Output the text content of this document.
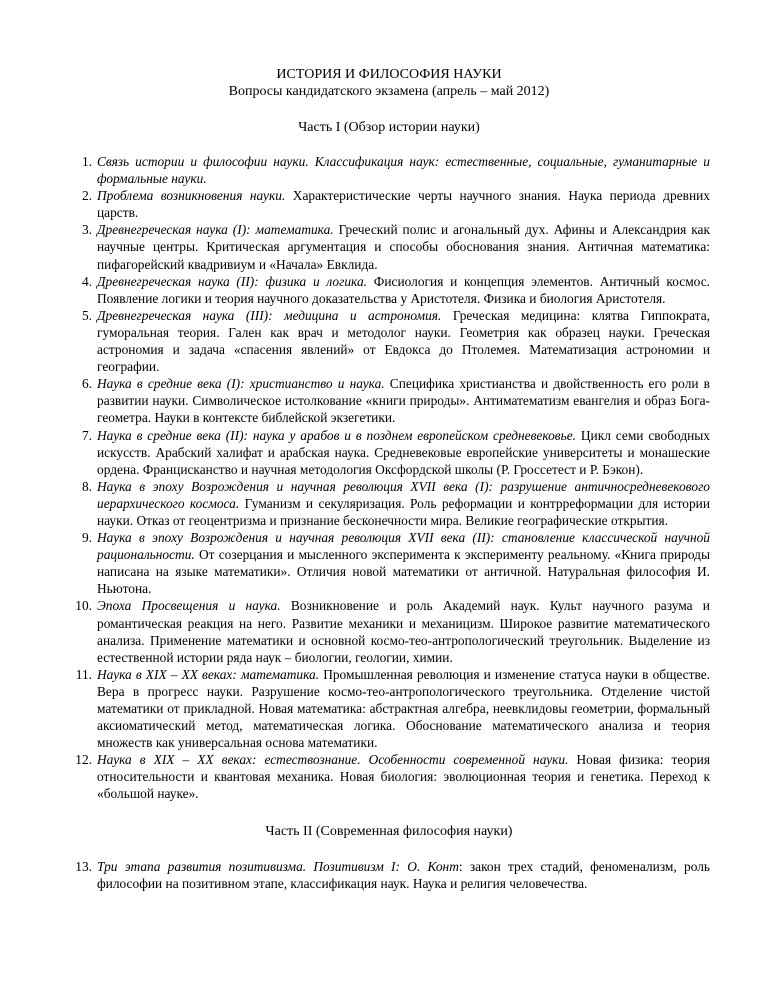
ИСТОРИЯ И ФИЛОСОФИЯ НАУКИ

Вопросы кандидатского экзамена (апрель – май 2012)

Часть I (Обзор истории науки)
1. Связь истории и философии науки. Классификация наук: естественные, социальные, гуманитарные и формальные науки.
2. Проблема возникновения науки. Характеристические черты научного знания. Наука периода древних царств.
3. Древнегреческая наука (I): математика. Греческий полис и агональный дух. Афины и Александрия как научные центры. Критическая аргументация и способы обоснования знания. Античная математика: пифагорейский квадривиум и «Начала» Евклида.
4. Древнегреческая наука (II): физика и логика. Фисиология и концепция элементов. Античный космос. Появление логики и теория научного доказательства у Аристотеля. Физика и биология Аристотеля.
5. Древнегреческая наука (III): медицина и астрономия. Греческая медицина: клятва Гиппократа, гуморальная теория. Гален как врач и методолог науки. Геометрия как образец науки. Греческая астрономия и задача «спасения явлений» от Евдокса до Птолемея. Математизация астрономии и географии.
6. Наука в средние века (I): христианство и наука. Специфика христианства и двойственность его роли в развитии науки. Символическое истолкование «книги природы». Антиматематизм евангелия и образ Бога-геометра. Науки в контексте библейской экзегетики.
7. Наука в средние века (II): наука у арабов и в позднем европейском средневековье. Цикл семи свободных искусств. Арабский халифат и арабская наука. Средневековые европейские университеты и монашеские ордена. Францисканство и научная методология Оксфордской школы (Р. Гроссетест и Р. Бэкон).
8. Наука в эпоху Возрождения и научная революция XVII века (I): разрушение античносредневекового иерархического космоса. Гуманизм и секуляризация. Роль реформации и контрреформации для истории науки. Отказ от геоцентризма и признание бесконечности мира. Великие географические открытия.
9. Наука в эпоху Возрождения и научная революция XVII века (II): становление классической научной рациональности. От созерцания и мысленного эксперимента к эксперименту реальному. «Книга природы написана на языке математики». Отличия новой математики от античной. Натуральная философия И. Ньютона.
10. Эпоха Просвещения и наука. Возникновение и роль Академий наук. Культ научного разума и романтическая реакция на него. Развитие механики и механицизм. Широкое развитие математического анализа. Применение математики и основной космо-тео-антропологический треугольник. Выделение из естественной истории ряда наук – биологии, геологии, химии.
11. Наука в XIX – XX веках: математика. Промышленная революция и изменение статуса науки в обществе. Вера в прогресс науки. Разрушение космо-тео-антропологического треугольника. Отделение чистой математики от прикладной. Новая математика: абстрактная алгебра, неевклидовы геометрии, формальный аксиоматический метод, математическая логика. Обоснование математического анализа и теория множеств как универсальная основа математики.
12. Наука в XIX – XX веках: естествознание. Особенности современной науки. Новая физика: теория относительности и квантовая механика. Новая биология: эволюционная теория и генетика. Переход к «большой науке».
Часть II (Современная философия науки)
13. Три этапа развития позитивизма. Позитивизм I: О. Конт: закон трех стадий, феноменализм, роль философии на позитивном этапе, классификация наук. Наука и религия человечества.
